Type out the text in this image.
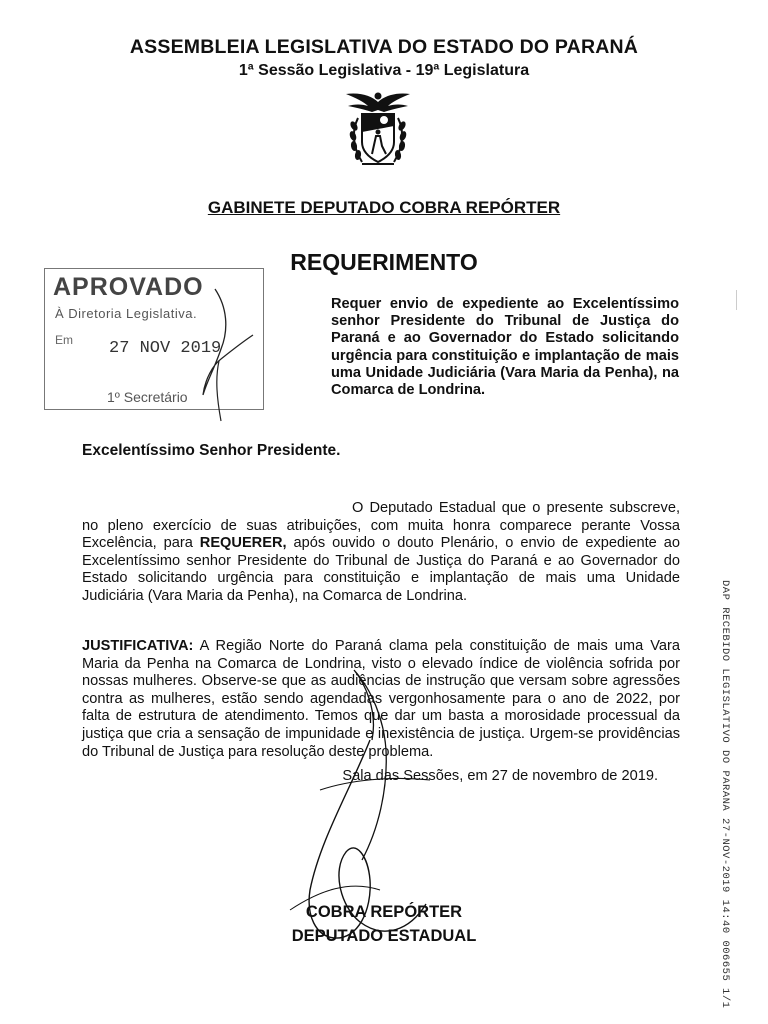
ASSEMBLEIA LEGISLATIVA DO ESTADO DO PARANÁ
1ª Sessão Legislativa - 19ª Legislatura
GABINETE DEPUTADO COBRA REPÓRTER
REQUERIMENTO
APROVADO
À Diretoria Legislativa.
Em 27 NOV 2019
1º Secretário
Requer envio de expediente ao Excelentíssimo senhor Presidente do Tribunal de Justiça do Paraná e ao Governador do Estado solicitando urgência para constituição e implantação de mais uma Unidade Judiciária (Vara Maria da Penha), na Comarca de Londrina.
Excelentíssimo Senhor Presidente.
O Deputado Estadual que o presente subscreve, no pleno exercício de suas atribuições, com muita honra comparece perante Vossa Excelência, para REQUERER, após ouvido o douto Plenário, o envio de expediente ao Excelentíssimo senhor Presidente do Tribunal de Justiça do Paraná e ao Governador do Estado solicitando urgência para constituição e implantação de mais uma Unidade Judiciária (Vara Maria da Penha), na Comarca de Londrina.
JUSTIFICATIVA: A Região Norte do Paraná clama pela constituição de mais uma Vara Maria da Penha na Comarca de Londrina, visto o elevado índice de violência sofrida por nossas mulheres. Observe-se que as audiências de instrução que versam sobre agressões contra as mulheres, estão sendo agendadas vergonhosamente para o ano de 2022, por falta de estrutura de atendimento. Temos que dar um basta a morosidade processual da justiça que cria a sensação de impunidade e inexistência de justiça. Urgem-se providências do Tribunal de Justiça para resolução deste problema.
Sala das Sessões, em 27 de novembro de 2019.
COBRA REPÓRTER
DEPUTADO ESTADUAL	DAP RECEBIDO LEGISLATIVO DO PARANA 27-NOV-2019 14:40 006655 1/1
